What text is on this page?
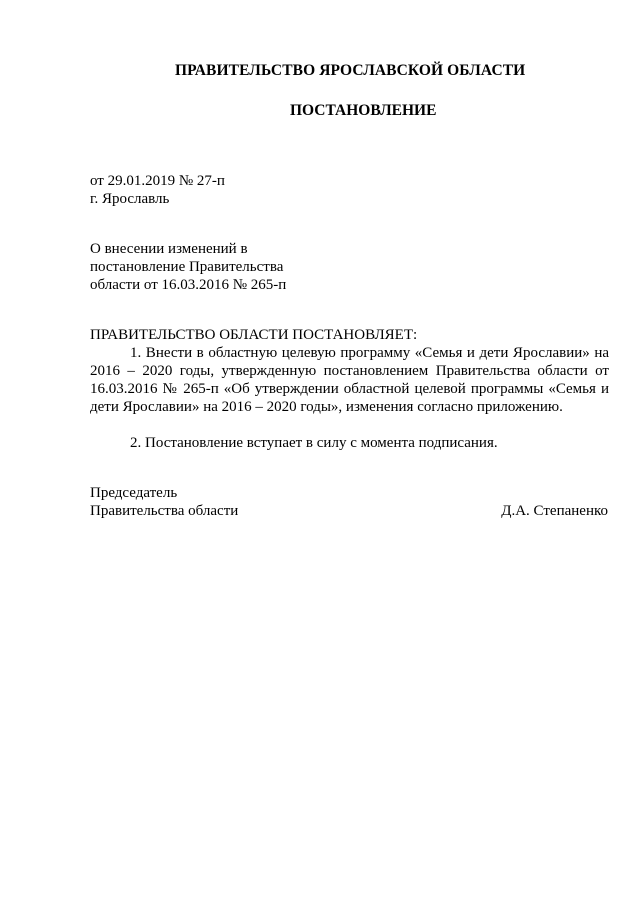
ПРАВИТЕЛЬСТВО ЯРОСЛАВСКОЙ ОБЛАСТИ
ПОСТАНОВЛЕНИЕ
от 29.01.2019 № 27-п
г. Ярославль
О внесении изменений в
постановление Правительства
области от 16.03.2016 № 265-п
ПРАВИТЕЛЬСТВО ОБЛАСТИ ПОСТАНОВЛЯЕТ:
1. Внести в областную целевую программу «Семья и дети Ярославии» на 2016 – 2020 годы, утвержденную постановлением Правительства области от 16.03.2016 № 265-п «Об утверждении областной целевой программы «Семья и дети Ярославии» на 2016 – 2020 годы», изменения согласно приложению.
2. Постановление вступает в силу с момента подписания.
Председатель
Правительства области	Д.А. Степаненко
